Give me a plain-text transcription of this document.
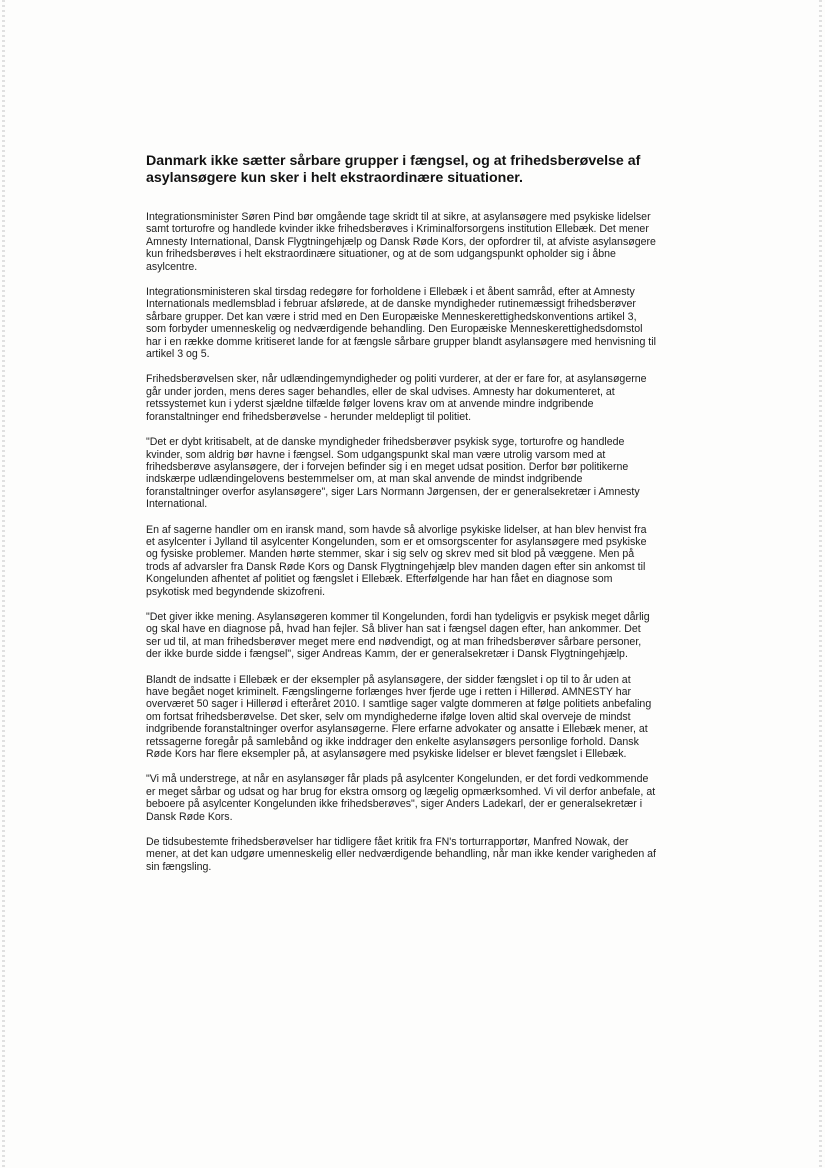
Danmark ikke sætter sårbare grupper i fængsel, og at frihedsberøvelse af asylansøgere kun sker i helt ekstraordinære situationer.

Integrationsminister Søren Pind bør omgående tage skridt til at sikre, at asylansøgere med psykiske lidelser samt torturofre og handlede kvinder ikke frihedsberøves i Kriminalforsorgens institution Ellebæk. Det mener Amnesty International, Dansk Flygtningehjælp og Dansk Røde Kors, der opfordrer til, at afviste asylansøgere kun frihedsberøves i helt ekstraordinære situationer, og at de som udgangspunkt opholder sig i åbne asylcentre.

Integrationsministeren skal tirsdag redegøre for forholdene i Ellebæk i et åbent samråd, efter at Amnesty Internationals medlemsblad i februar afslørede, at de danske myndigheder rutinemæssigt frihedsberøver sårbare grupper. Det kan være i strid med en Den Europæiske Menneskerettighedskonventions artikel 3, som forbyder umenneskelig og nedværdigende behandling. Den Europæiske Menneskerettighedsdomstol har i en række domme kritiseret lande for at fængsle sårbare grupper blandt asylansøgere med henvisning til artikel 3 og 5.

Frihedsberøvelsen sker, når udlændingemyndigheder og politi vurderer, at der er fare for, at asylansøgerne går under jorden, mens deres sager behandles, eller de skal udvises. Amnesty har dokumenteret, at retssystemet kun i yderst sjældne tilfælde følger lovens krav om at anvende mindre indgribende foranstaltninger end frihedsberøvelse - herunder meldepligt til politiet.

"Det er dybt kritisabelt, at de danske myndigheder frihedsberøver psykisk syge, torturofre og handlede kvinder, som aldrig bør havne i fængsel. Som udgangspunkt skal man være utrolig varsom med at frihedsberøve asylansøgere, der i forvejen befinder sig i en meget udsat position. Derfor bør politikerne indskærpe udlændingelovens bestemmelser om, at man skal anvende de mindst indgribende foranstaltninger overfor asylansøgere", siger Lars Normann Jørgensen, der er generalsekretær i Amnesty International.

En af sagerne handler om en iransk mand, som havde så alvorlige psykiske lidelser, at han blev henvist fra et asylcenter i Jylland til asylcenter Kongelunden, som er et omsorgscenter for asylansøgere med psykiske og fysiske problemer. Manden hørte stemmer, skar i sig selv og skrev med sit blod på væggene. Men på trods af advarsler fra Dansk Røde Kors og Dansk Flygtningehjælp blev manden dagen efter sin ankomst til Kongelunden afhentet af politiet og fængslet i Ellebæk. Efterfølgende har han fået en diagnose som psykotisk med begyndende skizofreni.

"Det giver ikke mening. Asylansøgeren kommer til Kongelunden, fordi han tydeligvis er psykisk meget dårlig og skal have en diagnose på, hvad han fejler. Så bliver han sat i fængsel dagen efter, han ankommer. Det ser ud til, at man frihedsberøver meget mere end nødvendigt, og at man frihedsberøver sårbare personer, der ikke burde sidde i fængsel", siger Andreas Kamm, der er generalsekretær i Dansk Flygtningehjælp.

Blandt de indsatte i Ellebæk er der eksempler på asylansøgere, der sidder fængslet i op til to år uden at have begået noget kriminelt. Fængslingerne forlænges hver fjerde uge i retten i Hillerød. AMNESTY har overværet 50 sager i Hillerød i efteråret 2010. I samtlige sager valgte dommeren at følge politiets anbefaling om fortsat frihedsberøvelse. Det sker, selv om myndighederne ifølge loven altid skal overveje de mindst indgribende foranstaltninger overfor asylansøgerne. Flere erfarne advokater og ansatte i Ellebæk mener, at retssagerne foregår på samlebånd og ikke inddrager den enkelte asylansøgers personlige forhold. Dansk Røde Kors har flere eksempler på, at asylansøgere med psykiske lidelser er blevet fængslet i Ellebæk.

"Vi må understrege, at når en asylansøger får plads på asylcenter Kongelunden, er det fordi vedkommende er meget sårbar og udsat og har brug for ekstra omsorg og lægelig opmærksomhed. Vi vil derfor anbefale, at beboere på asylcenter Kongelunden ikke frihedsberøves", siger Anders Ladekarl, der er generalsekretær i Dansk Røde Kors.

De tidsubestemte frihedsberøvelser har tidligere fået kritik fra FN's torturrapportør, Manfred Nowak, der mener, at det kan udgøre umenneskelig eller nedværdigende behandling, når man ikke kender varigheden af sin fængsling.
